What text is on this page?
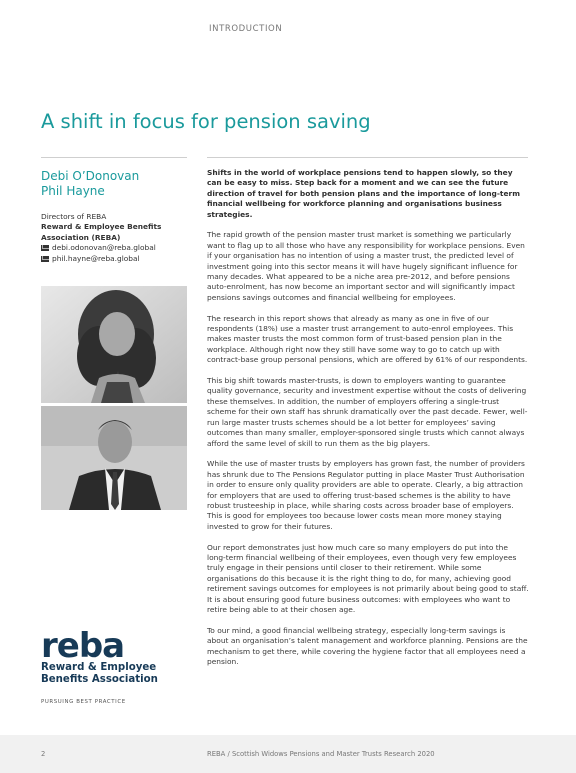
INTRODUCTION
A shift in focus for pension saving
Debi O’Donovan
Phil Hayne
Directors of REBA
Reward & Employee Benefits
Association (REBA)
debi.odonovan@reba.global
phil.hayne@reba.global
reba
Reward & Employee
Benefits Association
PURSUING BEST PRACTICE

Shifts in the world of workplace pensions tend to happen slowly, so they can be easy to miss. Step back for a moment and we can see the future direction of travel for both pension plans and the importance of long-term financial wellbeing for workforce planning and organisations business strategies.

The rapid growth of the pension master trust market is something we particularly want to flag up to all those who have any responsibility for workplace pensions. Even if your organisation has no intention of using a master trust, the predicted level of investment going into this sector means it will have hugely significant influence for many decades. What appeared to be a niche area pre-2012, and before pensions auto-enrolment, has now become an important sector and will significantly impact pensions savings outcomes and financial wellbeing for employees.

The research in this report shows that already as many as one in five of our respondents (18%) use a master trust arrangement to auto-enrol employees. This makes master trusts the most common form of trust-based pension plan in the workplace. Although right now they still have some way to go to catch up with contract-base group personal pensions, which are offered by 61% of our respondents.

This big shift towards master-trusts, is down to employers wanting to guarantee quality governance, security and investment expertise without the costs of delivering these themselves. In addition, the number of employers offering a single-trust scheme for their own staff has shrunk dramatically over the past decade. Fewer, well-run large master trusts schemes should be a lot better for employees’ saving outcomes than many smaller, employer-sponsored single trusts which cannot always afford the same level of skill to run them as the big players.

While the use of master trusts by employers has grown fast, the number of providers has shrunk due to The Pensions Regulator putting in place Master Trust Authorisation in order to ensure only quality providers are able to operate. Clearly, a big attraction for employers that are used to offering trust-based schemes is the ability to have robust trusteeship in place, while sharing costs across broader base of employers. This is good for employees too because lower costs mean more money staying invested to grow for their futures.

Our report demonstrates just how much care so many employers do put into the long-term financial wellbeing of their employees, even though very few employees truly engage in their pensions until closer to their retirement. While some organisations do this because it is the right thing to do, for many, achieving good retirement savings outcomes for employees is not primarily about being good to staff. It is about ensuring good future business outcomes: with employees who want to retire being able to at their chosen age.

To our mind, a good financial wellbeing strategy, especially long-term savings is about an organisation’s talent management and workforce planning. Pensions are the mechanism to get there, while covering the hygiene factor that all employees need a pension.

2	REBA / Scottish Widows Pensions and Master Trusts Research 2020
